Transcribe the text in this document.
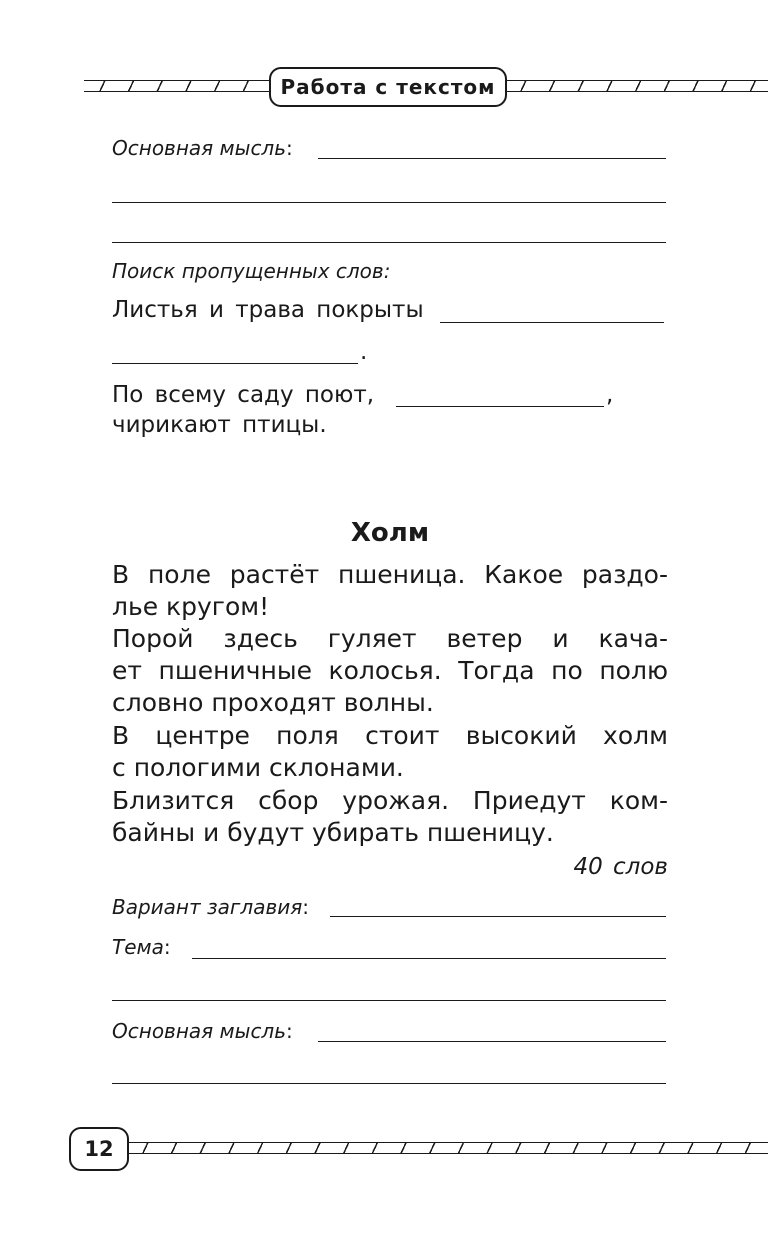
Работа с текстом
Основная мысль:
Поиск пропущенных слов:
Листья и трава покрыты
.
По всему саду поют,	,
чирикают птицы.
Холм
В поле растёт пшеница. Какое раздо-
лье кругом!
Порой здесь гуляет ветер и кача-
ет пшеничные колосья. Тогда по полю
словно проходят волны.
В центре поля стоит высокий холм
с пологими склонами.
Близится сбор урожая. Приедут ком-
байны и будут убирать пшеницу.
40 слов
Вариант заглавия:
Тема:
Основная мысль:
12
